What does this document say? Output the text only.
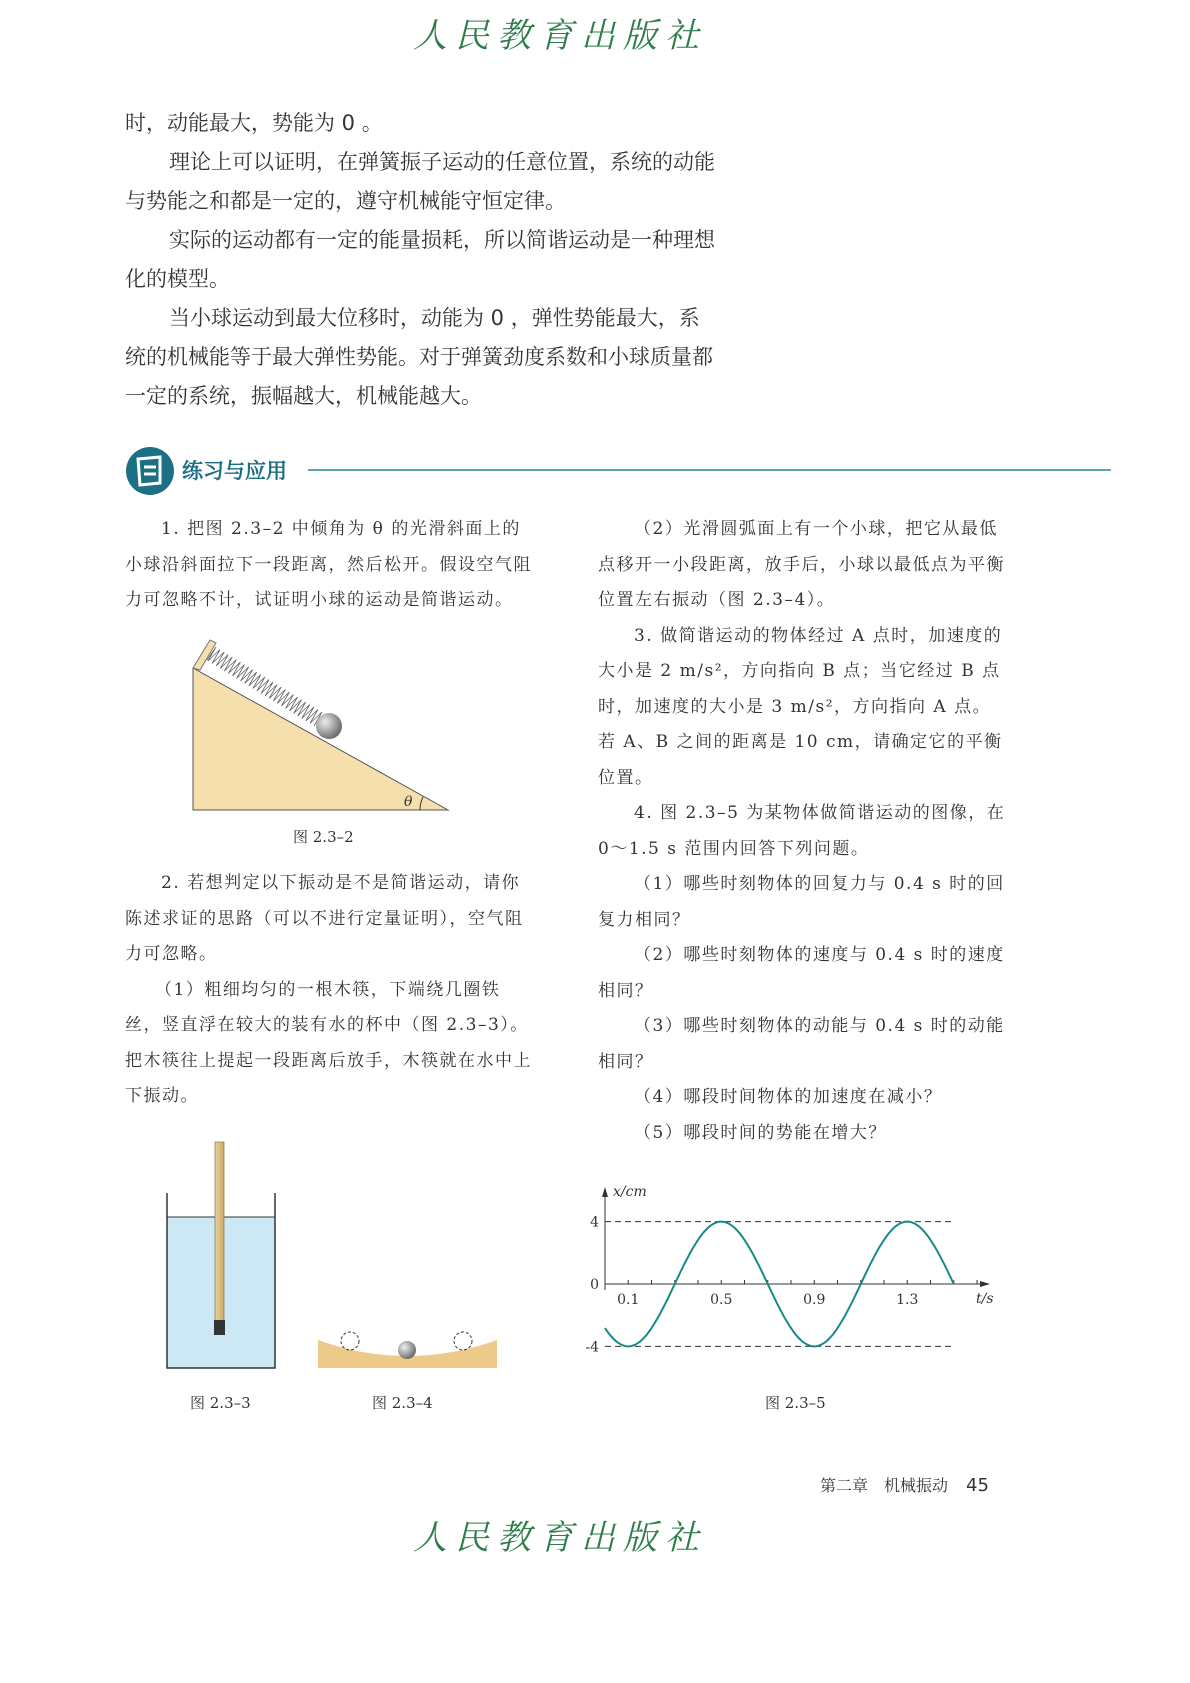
人民教育出版社

时，动能最大，势能为 0 。

理论上可以证明，在弹簧振子运动的任意位置，系统的动能与势能之和都是一定的，遵守机械能守恒定律。

实际的运动都有一定的能量损耗，所以简谐运动是一种理想化的模型。

当小球运动到最大位移时，动能为 0 ，弹性势能最大，系统的机械能等于最大弹性势能。对于弹簧劲度系数和小球质量都一定的系统，振幅越大，机械能越大。

练习与应用

1. 把图 2.3–2 中倾角为 θ 的光滑斜面上的小球沿斜面拉下一段距离，然后松开。假设空气阻力可忽略不计，试证明小球的运动是简谐运动。

2. 若想判定以下振动是不是简谐运动，请你陈述求证的思路（可以不进行定量证明），空气阻力可忽略。

（1）粗细均匀的一根木筷，下端绕几圈铁丝，竖直浮在较大的装有水的杯中（图 2.3–3）。把木筷往上提起一段距离后放手，木筷就在水中上下振动。

（2）光滑圆弧面上有一个小球，把它从最低点移开一小段距离，放手后，小球以最低点为平衡位置左右振动（图 2.3–4）。

3. 做简谐运动的物体经过 A 点时，加速度的大小是 2 m/s²，方向指向 B 点；当它经过 B 点时，加速度的大小是 3 m/s²，方向指向 A 点。若 A、B 之间的距离是 10 cm，请确定它的平衡位置。

4. 图 2.3–5 为某物体做简谐运动的图像，在 0～1.5 s 范围内回答下列问题。

（1）哪些时刻物体的回复力与 0.4 s 时的回复力相同？

（2）哪些时刻物体的速度与 0.4 s 时的速度相同？

（3）哪些时刻物体的动能与 0.4 s 时的动能相同？

（4）哪段时间物体的加速度在减小？

（5）哪段时间的势能在增大？

θ
0.1	0.5	0.9	1.3
4
0
-4
x/cm
t/s
图 2.3–2
图 2.3–3	图 2.3–4	图 2.3–5
第二章　机械振动 45
人民教育出版社
